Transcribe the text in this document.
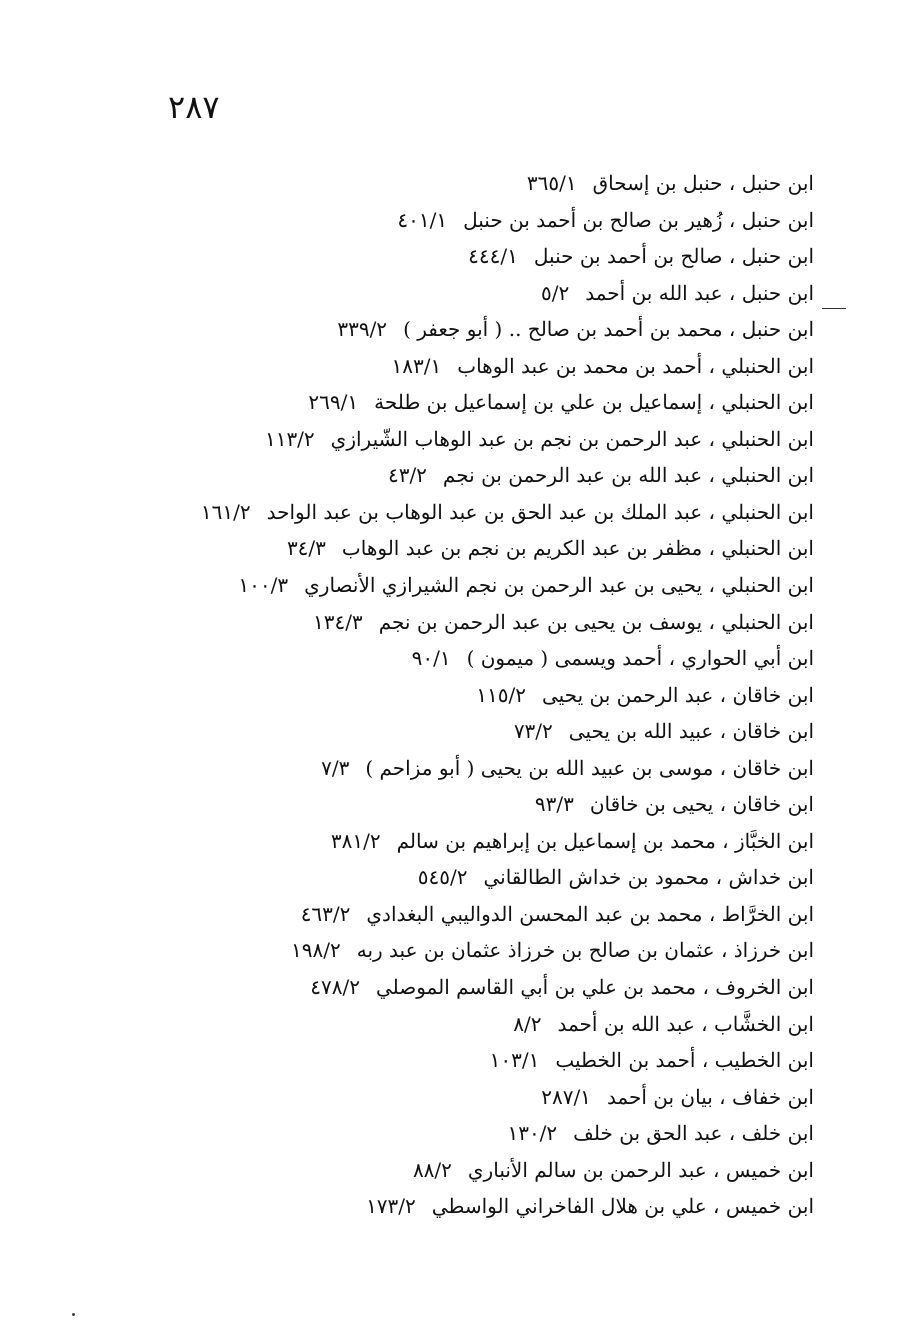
٢٨٧
ابن حنبل ، حنبل بن إسحاق٣٦٥/١
ابن حنبل ، زُهير بن صالح بن أحمد بن حنبل٤٠١/١
ابن حنبل ، صالح بن أحمد بن حنبل٤٤٤/١
ابن حنبل ، عبد الله بن أحمد٥/٢
ابن حنبل ، محمد بن أحمد بن صالح .. ( أبو جعفر )٣٣٩/٢
ابن الحنبلي ، أحمد بن محمد بن عبد الوهاب١٨٣/١
ابن الحنبلي ، إسماعيل بن علي بن إسماعيل بن طلحة٢٦٩/١
ابن الحنبلي ، عبد الرحمن بن نجم بن عبد الوهاب الشّيرازي١١٣/٢
ابن الحنبلي ، عبد الله بن عبد الرحمن بن نجم٤٣/٢
ابن الحنبلي ، عبد الملك بن عبد الحق بن عبد الوهاب بن عبد الواحد١٦١/٢
ابن الحنبلي ، مظفر بن عبد الكريم بن نجم بن عبد الوهاب٣٤/٣
ابن الحنبلي ، يحيى بن عبد الرحمن بن نجم الشيرازي الأنصاري١٠٠/٣
ابن الحنبلي ، يوسف بن يحيى بن عبد الرحمن بن نجم١٣٤/٣
ابن أبي الحواري ، أحمد ويسمى ( ميمون )٩٠/١
ابن خاقان ، عبد الرحمن بن يحيى١١٥/٢
ابن خاقان ، عبيد الله بن يحيى٧٣/٢
ابن خاقان ، موسى بن عبيد الله بن يحيى ( أبو مزاحم )٧/٣
ابن خاقان ، يحيى بن خاقان٩٣/٣
ابن الخبَّاز ، محمد بن إسماعيل بن إبراهيم بن سالم٣٨١/٢
ابن خداش ، محمود بن خداش الطالقاني٥٤٥/٢
ابن الخرَّاط ، محمد بن عبد المحسن الدواليبي البغدادي٤٦٣/٢
ابن خرزاذ ، عثمان بن صالح بن خرزاذ عثمان بن عبد ربه١٩٨/٢
ابن الخروف ، محمد بن علي بن أبي القاسم الموصلي٤٧٨/٢
ابن الخشَّاب ، عبد الله بن أحمد٨/٢
ابن الخطيب ، أحمد بن الخطيب١٠٣/١
ابن خفاف ، بيان بن أحمد٢٨٧/١
ابن خلف ، عبد الحق بن خلف١٣٠/٢
ابن خميس ، عبد الرحمن بن سالم الأنباري٨٨/٢
ابن خميس ، علي بن هلال الفاخراني الواسطي١٧٣/٢
